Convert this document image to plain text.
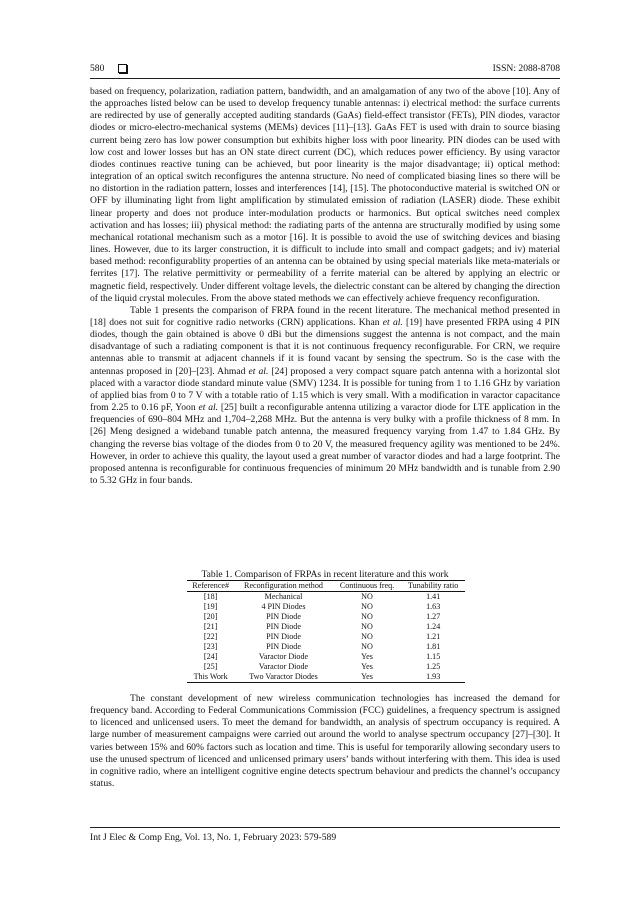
580	ISSN: 2088-8708

based on frequency, polarization, radiation pattern, bandwidth, and an amalgamation of any two of the above [10]. Any of the approaches listed below can be used to develop frequency tunable antennas: i) electrical method: the surface currents are redirected by use of generally accepted auditing standards (GaAs) field-effect transistor (FETs), PIN diodes, varactor diodes or micro-electro-mechanical systems (MEMs) devices [11]–[13]. GaAs FET is used with drain to source biasing current being zero has low power consumption but exhibits higher loss with poor linearity. PIN diodes can be used with low cost and lower losses but has an ON state direct current (DC), which reduces power efficiency. By using varactor diodes continues reactive tuning can be achieved, but poor linearity is the major disadvantage; ii) optical method: integration of an optical switch reconfigures the antenna structure. No need of complicated biasing lines so there will be no distortion in the radiation pattern, losses and interferences [14], [15]. The photoconductive material is switched ON or OFF by illuminating light from light amplification by stimulated emission of radiation (LASER) diode. These exhibit linear property and does not produce inter-modulation products or harmonics. But optical switches need complex activation and has losses; iii) physical method: the radiating parts of the antenna are structurally modified by using some mechanical rotational mechanism such as a motor [16]. It is possible to avoid the use of switching devices and biasing lines. However, due to its larger construction, it is difficult to include into small and compact gadgets; and iv) material based method: reconfigurablity properties of an antenna can be obtained by using special materials like meta-materials or ferrites [17]. The relative permittivity or permeability of a ferrite material can be altered by applying an electric or magnetic field, respectively. Under different voltage levels, the dielectric constant can be altered by changing the direction of the liquid crystal molecules. From the above stated methods we can effectively achieve frequency reconfiguration.

Table 1 presents the comparison of FRPA found in the recent literature. The mechanical method presented in [18] does not suit for cognitive radio networks (CRN) applications. Khan et al. [19] have presented FRPA using 4 PIN diodes, though the gain obtained is above 0 dBi but the dimensions suggest the antenna is not compact, and the main disadvantage of such a radiating component is that it is not continuous frequency reconfigurable. For CRN, we require antennas able to transmit at adjacent channels if it is found vacant by sensing the spectrum. So is the case with the antennas proposed in [20]–[23]. Ahmad et al. [24] proposed a very compact square patch antenna with a horizontal slot placed with a varactor diode standard minute value (SMV) 1234. It is possible for tuning from 1 to 1.16 GHz by variation of applied bias from 0 to 7 V with a totable ratio of 1.15 which is very small. With a modification in varactor capacitance from 2.25 to 0.16 pF, Yoon et al. [25] built a reconfigurable antenna utilizing a varactor diode for LTE application in the frequencies of 690–804 MHz and 1,704–2,268 MHz. But the antenna is very bulky with a profile thickness of 8 mm. In [26] Meng designed a wideband tunable patch antenna, the measured frequency varying from 1.47 to 1.84 GHz. By changing the reverse bias voltage of the diodes from 0 to 20 V, the measured frequency agility was mentioned to be 24%. However, in order to achieve this quality, the layout used a great number of varactor diodes and had a large footprint. The proposed antenna is reconfigurable for continuous frequencies of minimum 20 MHz bandwidth and is tunable from 2.90 to 5.32 GHz in four bands.

Table 1. Comparison of FRPAs in recent literature and this work
Reference#	Reconfiguration method	Continuous freq.	Tunability ratio
[18]	Mechanical	NO	1.41
[19]	4 PIN Diodes	NO	1.63
[20]	PIN Diode	NO	1.27
[21]	PIN Diode	NO	1.24
[22]	PIN Diode	NO	1.21
[23]	PIN Diode	NO	1.81
[24]	Varactor Diode	Yes	1.15
[25]	Varactor Diode	Yes	1.25
This Work	Two Varactor Diodes	Yes	1.93

The constant development of new wireless communication technologies has increased the demand for frequency band. According to Federal Communications Commission (FCC) guidelines, a frequency spectrum is assigned to licenced and unlicensed users. To meet the demand for bandwidth, an analysis of spectrum occupancy is required. A large number of measurement campaigns were carried out around the world to analyse spectrum occupancy [27]–[30]. It varies between 15% and 60% factors such as location and time. This is useful for temporarily allowing secondary users to use the unused spectrum of licenced and unlicensed primary users’ bands without interfering with them. This idea is used in cognitive radio, where an intelligent cognitive engine detects spectrum behaviour and predicts the channel’s occupancy status.

Int J Elec & Comp Eng, Vol. 13, No. 1, February 2023: 579-589
